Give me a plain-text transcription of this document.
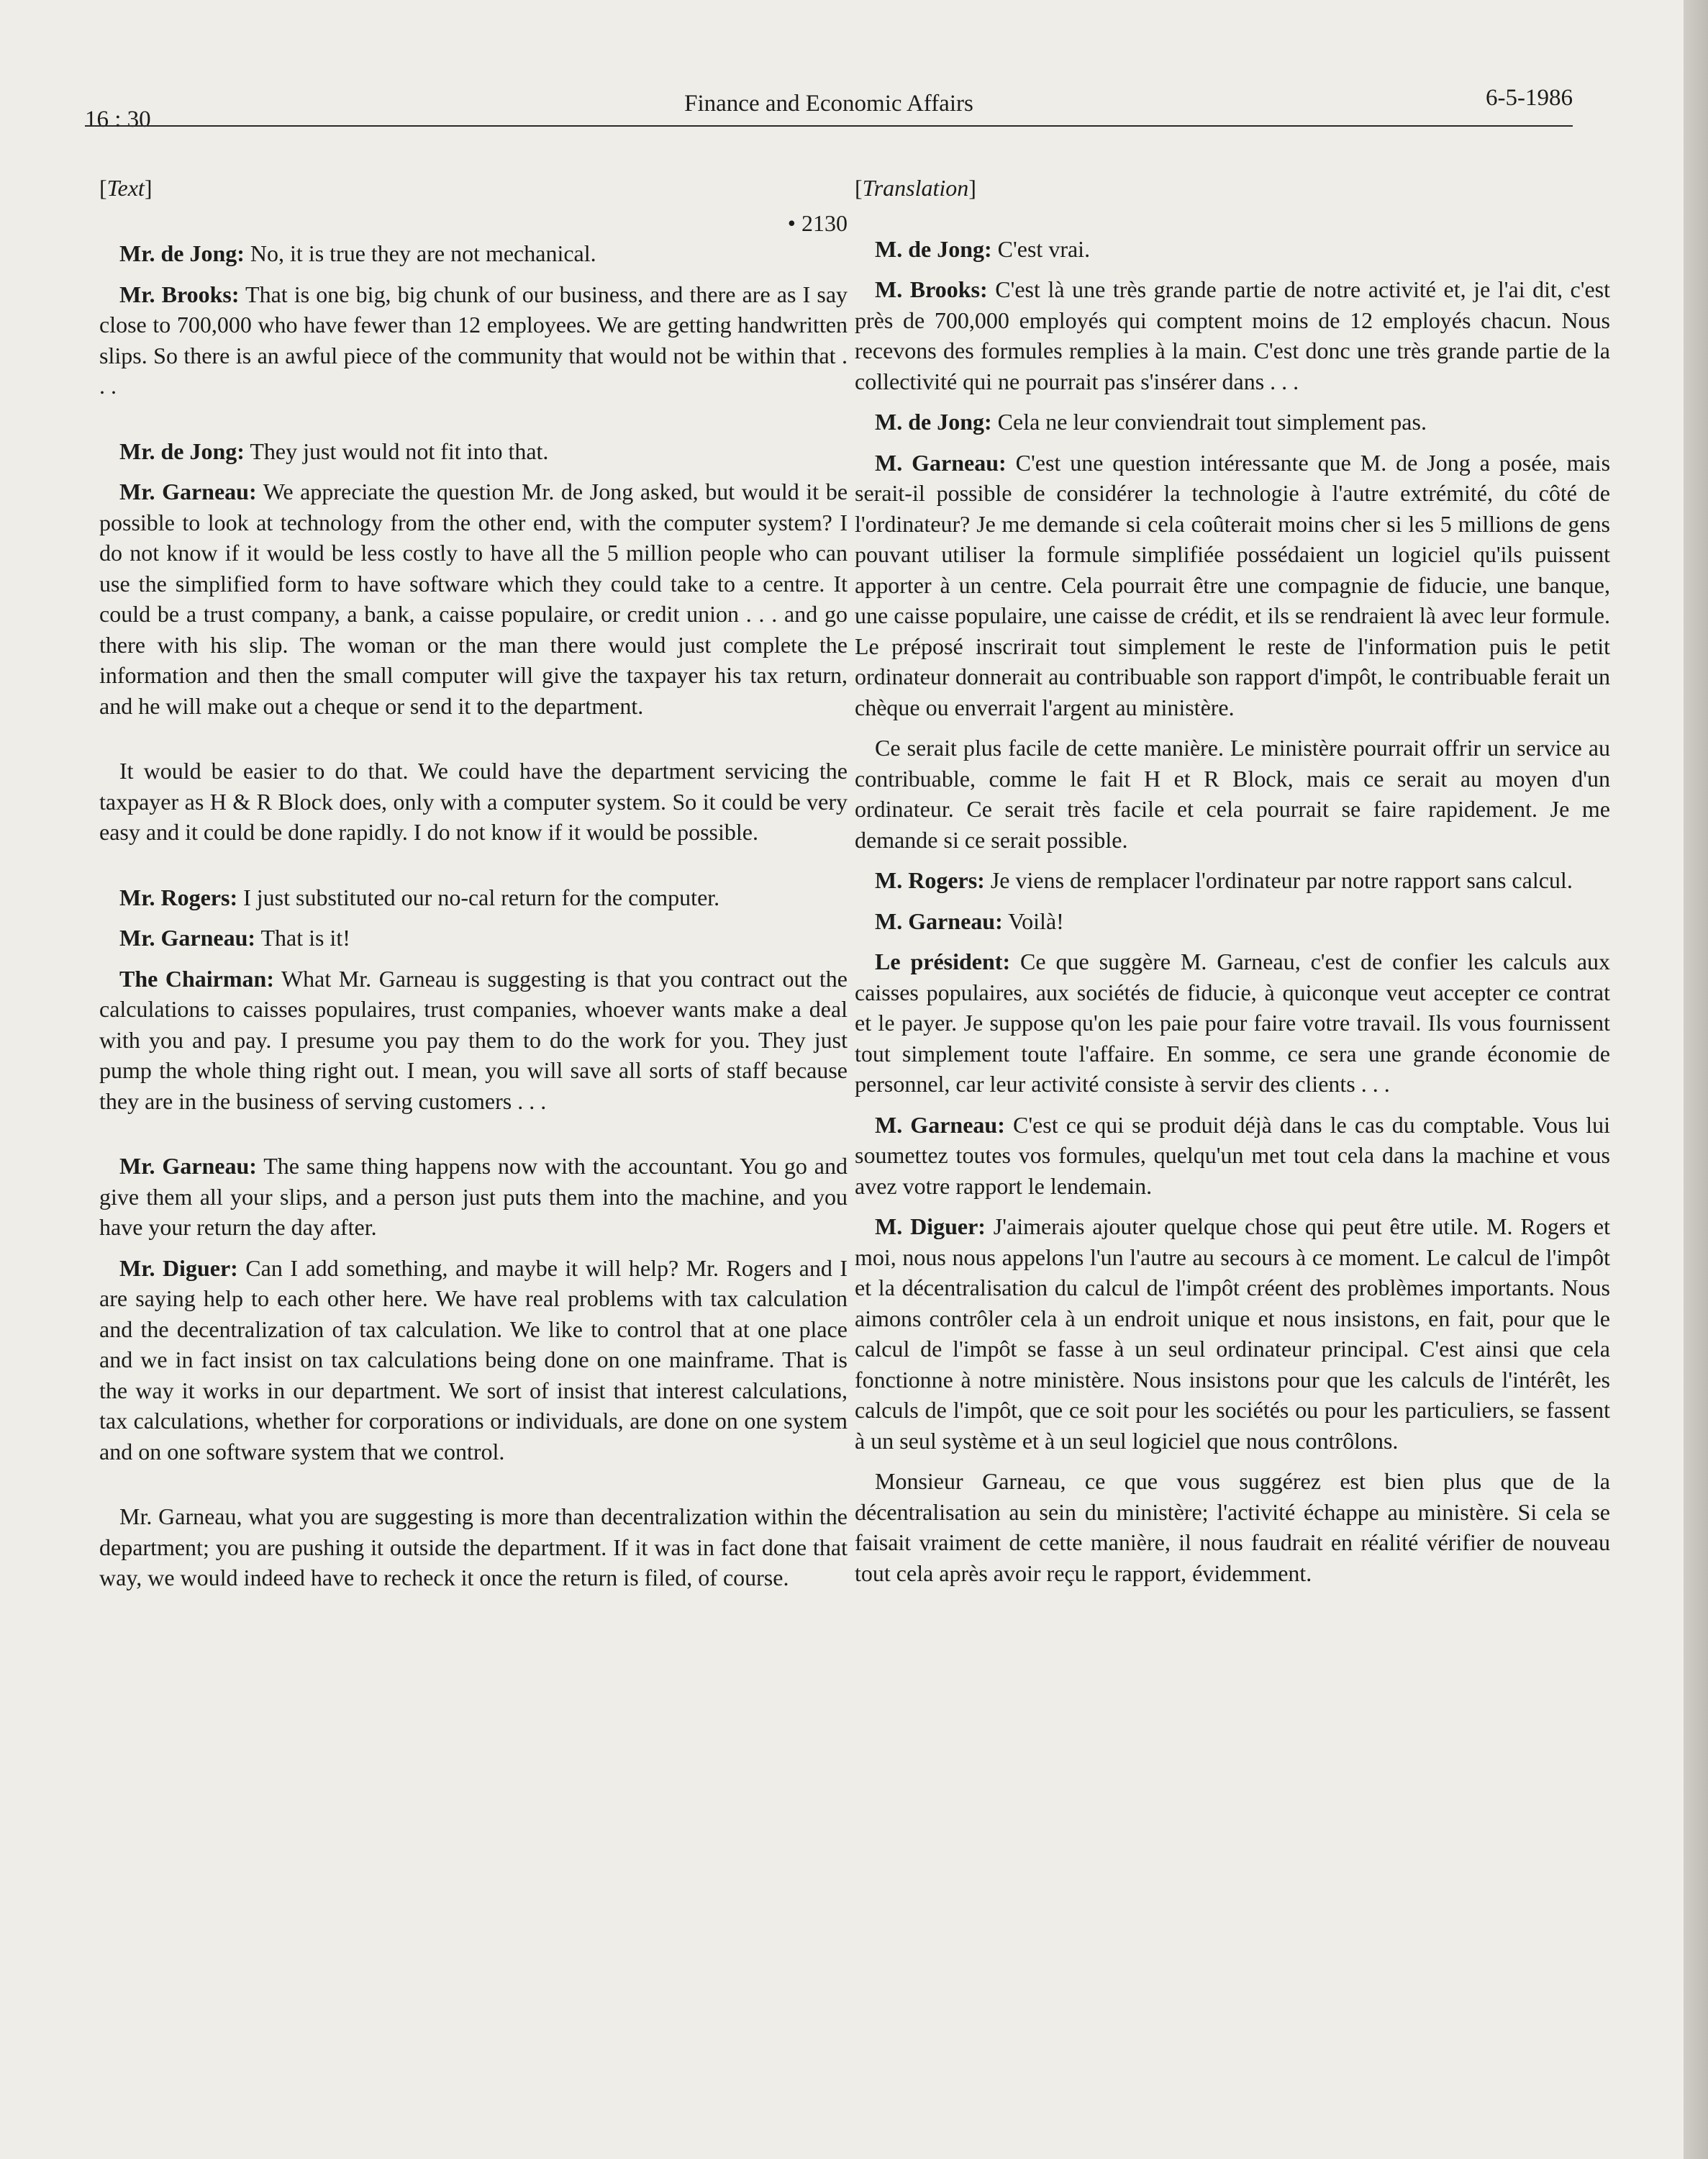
16 : 30
Finance and Economic Affairs	6-5-1986
[Text]
• 2130

Mr. de Jong: No, it is true they are not mechanical.

Mr. Brooks: That is one big, big chunk of our business, and there are as I say close to 700,000 who have fewer than 12 employees. We are getting handwritten slips. So there is an awful piece of the community that would not be within that . . .

Mr. de Jong: They just would not fit into that.

Mr. Garneau: We appreciate the question Mr. de Jong asked, but would it be possible to look at technology from the other end, with the computer system? I do not know if it would be less costly to have all the 5 million people who can use the simplified form to have software which they could take to a centre. It could be a trust company, a bank, a caisse populaire, or credit union . . . and go there with his slip. The woman or the man there would just complete the information and then the small computer will give the taxpayer his tax return, and he will make out a cheque or send it to the department.

It would be easier to do that. We could have the department servicing the taxpayer as H & R Block does, only with a computer system. So it could be very easy and it could be done rapidly. I do not know if it would be possible.

Mr. Rogers: I just substituted our no-cal return for the computer.

Mr. Garneau: That is it!

The Chairman: What Mr. Garneau is suggesting is that you contract out the calculations to caisses populaires, trust companies, whoever wants make a deal with you and pay. I presume you pay them to do the work for you. They just pump the whole thing right out. I mean, you will save all sorts of staff because they are in the business of serving customers . . .

Mr. Garneau: The same thing happens now with the accountant. You go and give them all your slips, and a person just puts them into the machine, and you have your return the day after.

Mr. Diguer: Can I add something, and maybe it will help? Mr. Rogers and I are saying help to each other here. We have real problems with tax calculation and the decentralization of tax calculation. We like to control that at one place and we in fact insist on tax calculations being done on one mainframe. That is the way it works in our department. We sort of insist that interest calculations, tax calculations, whether for corporations or individuals, are done on one system and on one software system that we control.

Mr. Garneau, what you are suggesting is more than decentralization within the department; you are pushing it outside the department. If it was in fact done that way, we would indeed have to recheck it once the return is filed, of course.

[Translation]

M. de Jong: C'est vrai.

M. Brooks: C'est là une très grande partie de notre activité et, je l'ai dit, c'est près de 700,000 employés qui comptent moins de 12 employés chacun. Nous recevons des formules remplies à la main. C'est donc une très grande partie de la collectivité qui ne pourrait pas s'insérer dans . . .

M. de Jong: Cela ne leur conviendrait tout simplement pas.

M. Garneau: C'est une question intéressante que M. de Jong a posée, mais serait-il possible de considérer la technologie à l'autre extrémité, du côté de l'ordinateur? Je me demande si cela coûterait moins cher si les 5 millions de gens pouvant utiliser la formule simplifiée possédaient un logiciel qu'ils puissent apporter à un centre. Cela pourrait être une compagnie de fiducie, une banque, une caisse populaire, une caisse de crédit, et ils se rendraient là avec leur formule. Le préposé inscrirait tout simplement le reste de l'information puis le petit ordinateur donnerait au contribuable son rapport d'impôt, le contribuable ferait un chèque ou enverrait l'argent au ministère.

Ce serait plus facile de cette manière. Le ministère pourrait offrir un service au contribuable, comme le fait H et R Block, mais ce serait au moyen d'un ordinateur. Ce serait très facile et cela pourrait se faire rapidement. Je me demande si ce serait possible.

M. Rogers: Je viens de remplacer l'ordinateur par notre rapport sans calcul.

M. Garneau: Voilà!

Le président: Ce que suggère M. Garneau, c'est de confier les calculs aux caisses populaires, aux sociétés de fiducie, à quiconque veut accepter ce contrat et le payer. Je suppose qu'on les paie pour faire votre travail. Ils vous fournissent tout simplement toute l'affaire. En somme, ce sera une grande économie de personnel, car leur activité consiste à servir des clients . . .

M. Garneau: C'est ce qui se produit déjà dans le cas du comptable. Vous lui soumettez toutes vos formules, quelqu'un met tout cela dans la machine et vous avez votre rapport le lendemain.

M. Diguer: J'aimerais ajouter quelque chose qui peut être utile. M. Rogers et moi, nous nous appelons l'un l'autre au secours à ce moment. Le calcul de l'impôt et la décentralisation du calcul de l'impôt créent des problèmes importants. Nous aimons contrôler cela à un endroit unique et nous insistons, en fait, pour que le calcul de l'impôt se fasse à un seul ordinateur principal. C'est ainsi que cela fonctionne à notre ministère. Nous insistons pour que les calculs de l'intérêt, les calculs de l'impôt, que ce soit pour les sociétés ou pour les particuliers, se fassent à un seul système et à un seul logiciel que nous contrôlons.

Monsieur Garneau, ce que vous suggérez est bien plus que de la décentralisation au sein du ministère; l'activité échappe au ministère. Si cela se faisait vraiment de cette manière, il nous faudrait en réalité vérifier de nouveau tout cela après avoir reçu le rapport, évidemment.
